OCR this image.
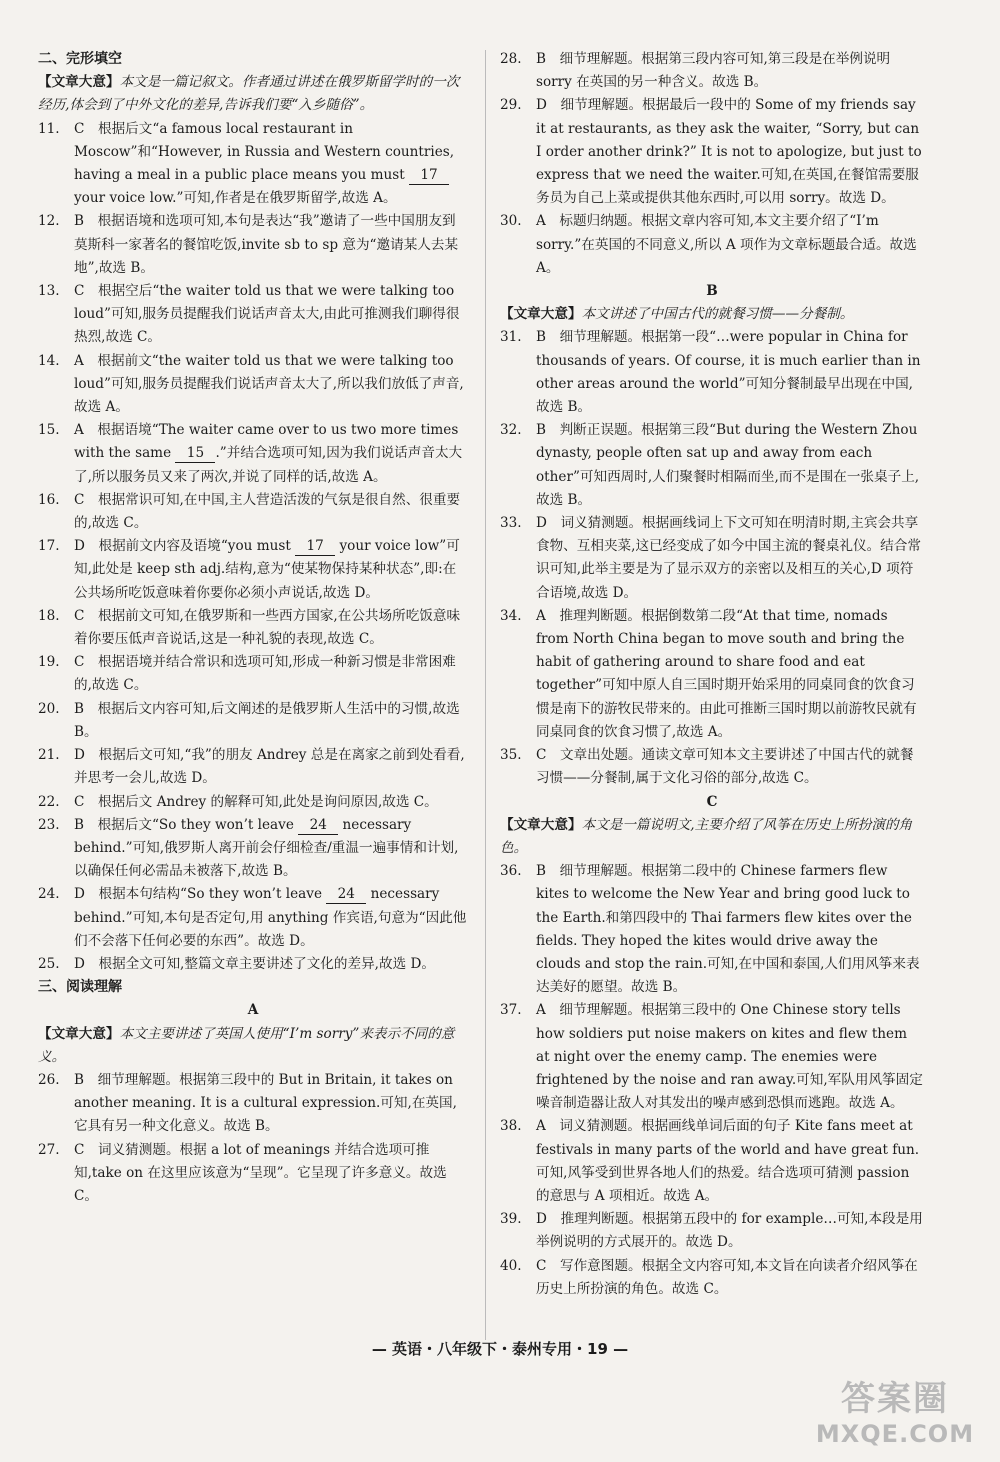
二、完形填空
【文章大意】本文是一篇记叙文。作者通过讲述在俄罗斯留学时的一次经历,体会到了中外文化的差异,告诉我们要“入乡随俗”。
11. C　根据后文“a famous local restaurant in Moscow”和“However, in Russia and Western countries, having a meal in a public place means you must 17 your voice low.”可知,作者是在俄罗斯留学,故选 A。
12. B　根据语境和选项可知,本句是表达“我”邀请了一些中国朋友到莫斯科一家著名的餐馆吃饭,invite sb to sp 意为“邀请某人去某地”,故选 B。
13. C　根据空后“the waiter told us that we were talking too loud”可知,服务员提醒我们说话声音太大,由此可推测我们聊得很热烈,故选 C。
14. A　根据前文“the waiter told us that we were talking too loud”可知,服务员提醒我们说话声音太大了,所以我们放低了声音,故选 A。
15. A　根据语境“The waiter came over to us two more times with the same 15 .”并结合选项可知,因为我们说话声音太大了,所以服务员又来了两次,并说了同样的话,故选 A。
16. C　根据常识可知,在中国,主人营造活泼的气氛是很自然、很重要的,故选 C。
17. D　根据前文内容及语境“you must 17 your voice low”可知,此处是 keep sth adj.结构,意为“使某物保持某种状态”,即:在公共场所吃饭意味着你要你必须小声说话,故选 D。
18. C　根据前文可知,在俄罗斯和一些西方国家,在公共场所吃饭意味着你要压低声音说话,这是一种礼貌的表现,故选 C。
19. C　根据语境并结合常识和选项可知,形成一种新习惯是非常困难的,故选 C。
20. B　根据后文内容可知,后文阐述的是俄罗斯人生活中的习惯,故选 B。
21. D　根据后文可知,“我”的朋友 Andrey 总是在离家之前到处看看,并思考一会儿,故选 D。
22. C　根据后文 Andrey 的解释可知,此处是询问原因,故选 C。
23. B　根据后文“So they won’t leave 24 necessary behind.”可知,俄罗斯人离开前会仔细检查/重温一遍事情和计划,以确保任何必需品未被落下,故选 B。
24. D　根据本句结构“So they won’t leave 24 necessary behind.”可知,本句是否定句,用 anything 作宾语,句意为“因此他们不会落下任何必要的东西”。故选 D。
25. D　根据全文可知,整篇文章主要讲述了文化的差异,故选 D。
三、阅读理解
A
【文章大意】本文主要讲述了英国人使用“I’m sorry”来表示不同的意义。
26. B　细节理解题。根据第三段中的 But in Britain, it takes on another meaning. It is a cultural expression.可知,在英国,它具有另一种文化意义。故选 B。
27. C　词义猜测题。根据 a lot of meanings 并结合选项可推知,take on 在这里应该意为“呈现”。它呈现了许多意义。故选 C。
28. B　细节理解题。根据第三段内容可知,第三段是在举例说明 sorry 在英国的另一种含义。故选 B。
29. D　细节理解题。根据最后一段中的 Some of my friends say it at restaurants, as they ask the waiter, “Sorry, but can I order another drink?” It is not to apologize, but just to express that we need the waiter.可知,在英国,在餐馆需要服务员为自己上菜或提供其他东西时,可以用 sorry。故选 D。
30. A　标题归纳题。根据文章内容可知,本文主要介绍了“I’m sorry.”在英国的不同意义,所以 A 项作为文章标题最合适。故选 A。
B
【文章大意】本文讲述了中国古代的就餐习惯——分餐制。
31. B　细节理解题。根据第一段“…were popular in China for thousands of years. Of course, it is much earlier than in other areas around the world”可知分餐制最早出现在中国,故选 B。
32. B　判断正误题。根据第三段“But during the Western Zhou dynasty, people often sat up and away from each other”可知西周时,人们聚餐时相隔而坐,而不是围在一张桌子上,故选 B。
33. D　词义猜测题。根据画线词上下文可知在明清时期,主宾会共享食物、互相夹菜,这已经变成了如今中国主流的餐桌礼仪。结合常识可知,此举主要是为了显示双方的亲密以及相互的关心,D 项符合语境,故选 D。
34. A　推理判断题。根据倒数第二段“At that time, nomads from North China began to move south and bring the habit of gathering around to share food and eat together”可知中原人自三国时期开始采用的同桌同食的饮食习惯是南下的游牧民带来的。由此可推断三国时期以前游牧民就有同桌同食的饮食习惯了,故选 A。
35. C　文章出处题。通读文章可知本文主要讲述了中国古代的就餐习惯——分餐制,属于文化习俗的部分,故选 C。
C
【文章大意】本文是一篇说明文,主要介绍了风筝在历史上所扮演的角色。
36. B　细节理解题。根据第二段中的 Chinese farmers flew kites to welcome the New Year and bring good luck to the Earth.和第四段中的 Thai farmers flew kites over the fields. They hoped the kites would drive away the clouds and stop the rain.可知,在中国和泰国,人们用风筝来表达美好的愿望。故选 B。
37. A　细节理解题。根据第三段中的 One Chinese story tells how soldiers put noise makers on kites and flew them at night over the enemy camp. The enemies were frightened by the noise and ran away.可知,军队用风筝固定噪音制造器让敌人对其发出的噪声感到恐惧而逃跑。故选 A。
38. A　词义猜测题。根据画线单词后面的句子 Kite fans meet at festivals in many parts of the world and have great fun.可知,风筝受到世界各地人们的热爱。结合选项可猜测 passion 的意思与 A 项相近。故选 A。
39. D　推理判断题。根据第五段中的 for example…可知,本段是用举例说明的方式展开的。故选 D。
40. C　写作意图题。根据全文内容可知,本文旨在向读者介绍风筝在历史上所扮演的角色。故选 C。
— 英语・八年级下・泰州专用・19 —
答案圈
MXQE.COM
